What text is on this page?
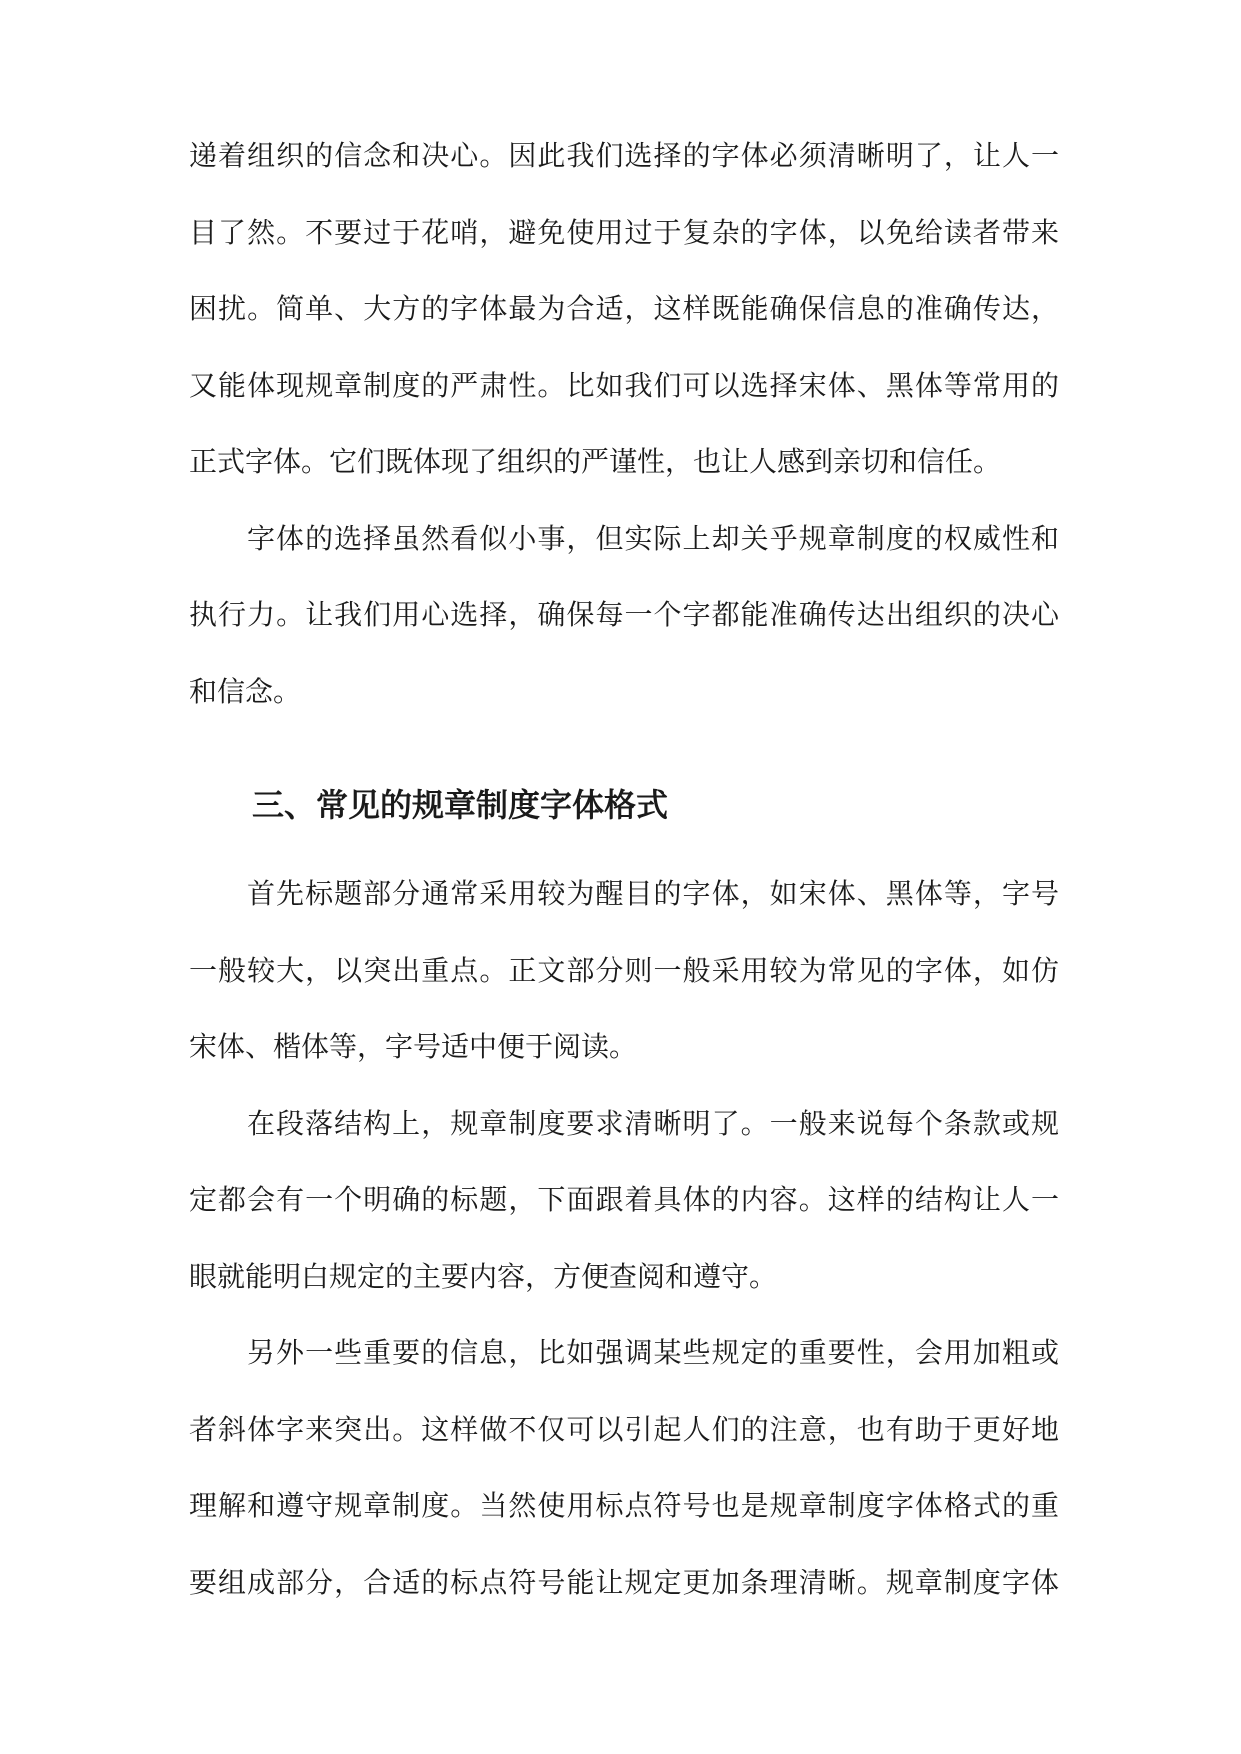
递着组织的信念和决心。因此我们选择的字体必须清晰明了，让人一
目了然。不要过于花哨，避免使用过于复杂的字体，以免给读者带来
困扰。简单、大方的字体最为合适，这样既能确保信息的准确传达，
又能体现规章制度的严肃性。比如我们可以选择宋体、黑体等常用的
正式字体。它们既体现了组织的严谨性，也让人感到亲切和信任。
字体的选择虽然看似小事，但实际上却关乎规章制度的权威性和
执行力。让我们用心选择，确保每一个字都能准确传达出组织的决心
和信念。
三、常见的规章制度字体格式
首先标题部分通常采用较为醒目的字体，如宋体、黑体等，字号
一般较大，以突出重点。正文部分则一般采用较为常见的字体，如仿
宋体、楷体等，字号适中便于阅读。
在段落结构上，规章制度要求清晰明了。一般来说每个条款或规
定都会有一个明确的标题，下面跟着具体的内容。这样的结构让人一
眼就能明白规定的主要内容，方便查阅和遵守。
另外一些重要的信息，比如强调某些规定的重要性，会用加粗或
者斜体字来突出。这样做不仅可以引起人们的注意，也有助于更好地
理解和遵守规章制度。当然使用标点符号也是规章制度字体格式的重
要组成部分，合适的标点符号能让规定更加条理清晰。规章制度字体
